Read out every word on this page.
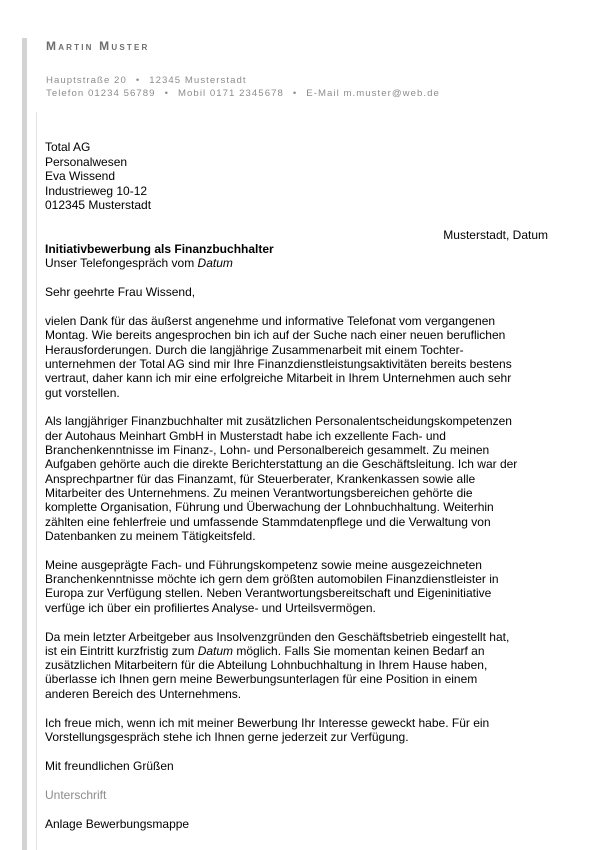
Martin Muster
Hauptstraße 20 • 12345 Musterstadt
Telefon 01234 56789 • Mobil 0171 2345678 • E-Mail m.muster@web.de
Total AG
Personalwesen
Eva Wissend
Industrieweg 10-12
012345 Musterstadt
Musterstadt, Datum

Initiativbewerbung als Finanzbuchhalter

Unser Telefongespräch vom Datum

Sehr geehrte Frau Wissend,

vielen Dank für das äußerst angenehme und informative Telefonat vom vergangenen

Montag. Wie bereits angesprochen bin ich auf der Suche nach einer neuen beruflichen

Herausforderungen. Durch die langjährige Zusammenarbeit mit einem Tochter-

unternehmen der Total AG sind mir Ihre Finanzdienstleistungsaktivitäten bereits bestens

vertraut, daher kann ich mir eine erfolgreiche Mitarbeit in Ihrem Unternehmen auch sehr

gut vorstellen.

Als langjähriger Finanzbuchhalter mit zusätzlichen Personalentscheidungskompetenzen

der Autohaus Meinhart GmbH in Musterstadt habe ich exzellente Fach- und

Branchenkenntnisse im Finanz-, Lohn- und Personalbereich gesammelt. Zu meinen

Aufgaben gehörte auch die direkte Berichterstattung an die Geschäftsleitung. Ich war der

Ansprechpartner für das Finanzamt, für Steuerberater, Krankenkassen sowie alle

Mitarbeiter des Unternehmens. Zu meinen Verantwortungsbereichen gehörte die

komplette Organisation, Führung und Überwachung der Lohnbuchhaltung. Weiterhin

zählten eine fehlerfreie und umfassende Stammdatenpflege und die Verwaltung von

Datenbanken zu meinem Tätigkeitsfeld.

Meine ausgeprägte Fach- und Führungskompetenz sowie meine ausgezeichneten

Branchenkenntnisse möchte ich gern dem größten automobilen Finanzdienstleister in

Europa zur Verfügung stellen. Neben Verantwortungsbereitschaft und Eigeninitiative

verfüge ich über ein profiliertes Analyse- und Urteilsvermögen.

Da mein letzter Arbeitgeber aus Insolvenzgründen den Geschäftsbetrieb eingestellt hat,

ist ein Eintritt kurzfristig zum Datum möglich. Falls Sie momentan keinen Bedarf an

zusätzlichen Mitarbeitern für die Abteilung Lohnbuchhaltung in Ihrem Hause haben,

überlasse ich Ihnen gern meine Bewerbungsunterlagen für eine Position in einem

anderen Bereich des Unternehmens.

Ich freue mich, wenn ich mit meiner Bewerbung Ihr Interesse geweckt habe. Für ein

Vorstellungsgespräch stehe ich Ihnen gerne jederzeit zur Verfügung.

Mit freundlichen Grüßen

Unterschrift

Anlage Bewerbungsmappe
